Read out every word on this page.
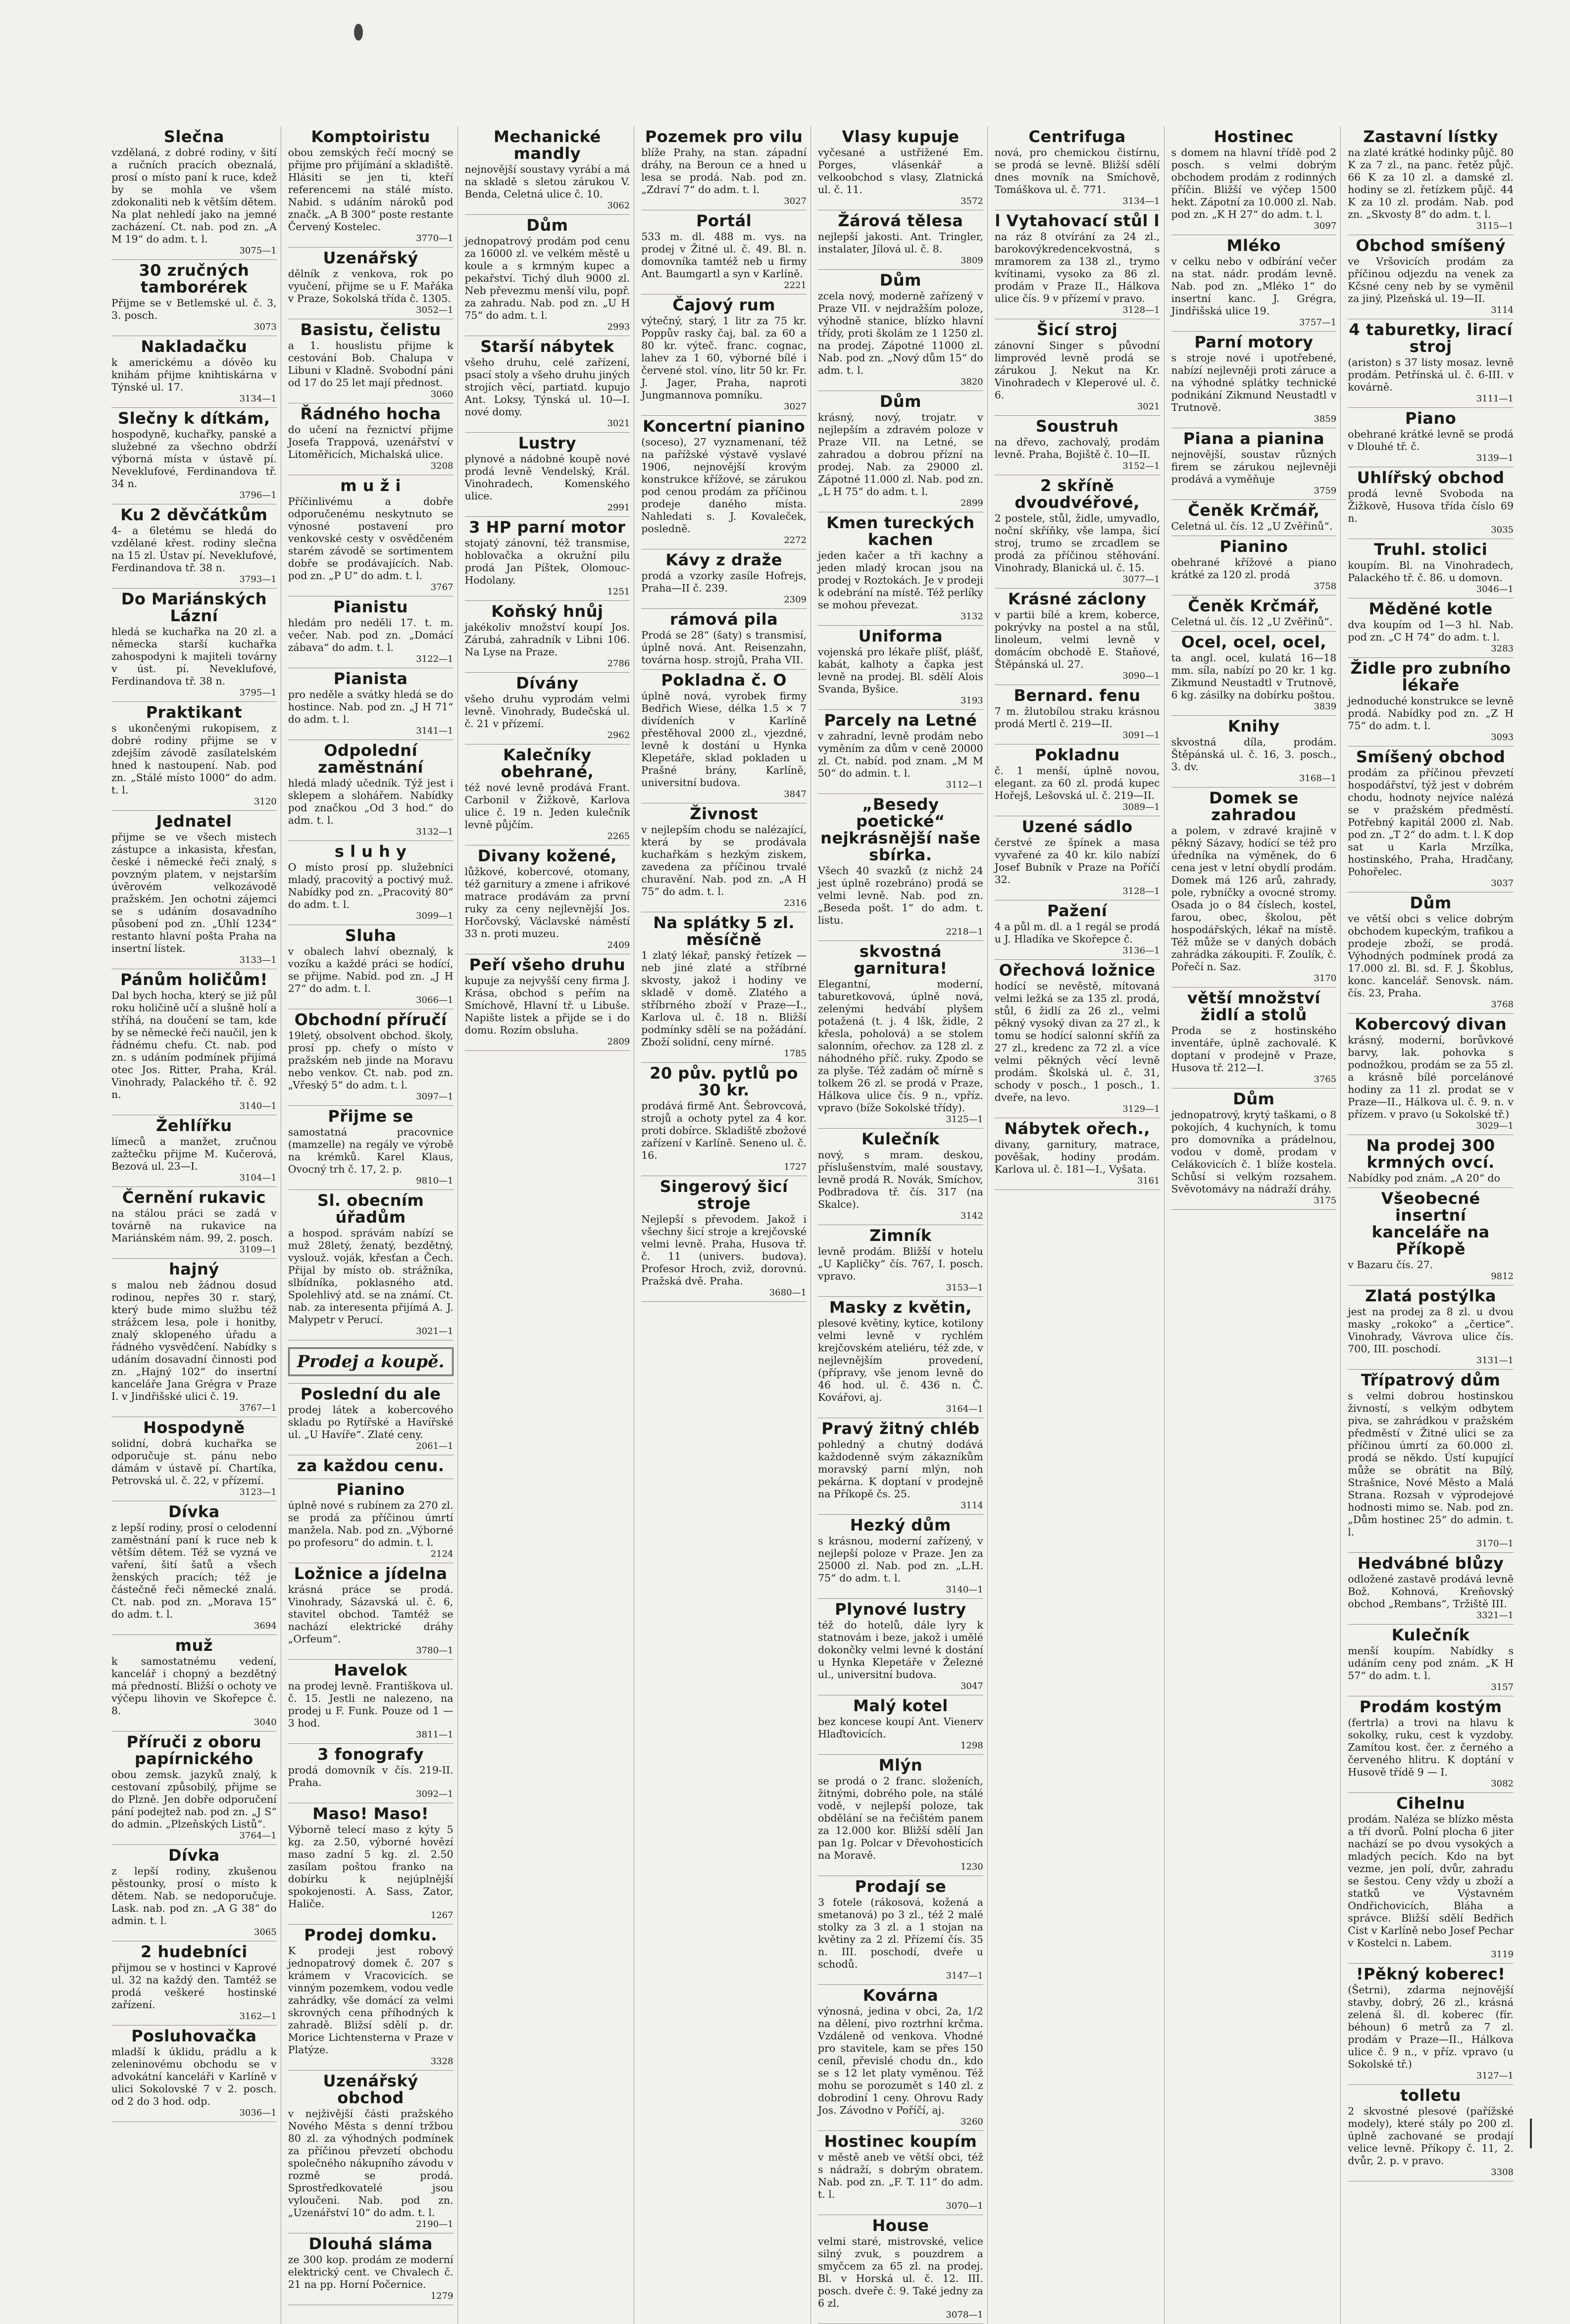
Slečna

vzdělaná, z dobré rodiny, v šití a ručních pracích obeznalá, prosí o místo paní k ruce, kdež by se mohla ve všem zdokonaliti neb k větším dětem. Na plat nehledí jako na jemné zacházení. Ct. nab. pod zn. „A M 19“ do adm. t. l.

3075—1

30 zručných tamborérek

Přijme se v Betlemské ul. č. 3, 3. posch.

3073

Nakladačku

k americkému a dóvěo ku knihám přijme knihtiskárna v Týnské ul. 17.

3134—1

Slečny k dítkám,

hospodyně, kuchařky, panské a služebné za všechno obdrží výborná místa v ústavě pí. Neveklufové, Ferdinandova tř. 34 n.

3796—1

Ku 2 děvčátkům

4- a 6letému se hledá do vzdělané křest. rodiny slečna na 15 zl. Ústav pí. Neveklufové, Ferdinandova tř. 38 n.

3793—1

Do Mariánských Lázní

hledá se kuchařka na 20 zl. a německa starší kuchařka zahospodyni k majiteli továrny v úst. pí. Neveklufové, Ferdinandova tř. 38 n.

3795—1

Praktikant

s ukončenými rukopisem, z dobré rodiny přijme se v zdejším závodě zasílatelském hned k nastoupení. Nab. pod zn. „Stálé místo 1000“ do adm. t. l.

3120

Jednatel

přijme se ve všech mistech zástupce a inkasista, křesťan, české i německé řeči znalý, s povzným platem, v nejstarším úvěrovém velkozávodě pražském. Jen ochotni zájemci se s udáním dosavadního působení pod zn. „Úhlí 1234“ restanto hlavní pošta Praha na insertní lístek.

3133—1

Pánům holičům!

Dal bych hocha, který se již půl roku holičině učí a slušně holí a stříhá, na doučení se tam, kde by se německé řeči naučil, jen k řádnému chefu. Ct. nab. pod zn. s udáním podmínek přijímá otec Jos. Ritter, Praha, Král. Vinohrady, Palackého tř. č. 92 n.

3140—1

Žehlířku

límeců a manžet, zručnou zažtečku přijme M. Kučerová, Bezová ul. 23—I.

3104—1

Černění rukavic

na stálou práci se zadá v továrně na rukavice na Mariánském nám. 99, 2. posch.

3109—1

hajný

s malou neb žádnou dosud rodinou, nepřes 30 r. starý, který bude mimo službu též strážcem lesa, pole i honitby, znalý sklopeného úřadu a řádného vysvědčení. Nabídky s udáním dosavadní činnosti pod zn. „Hajný 102“ do insertní kanceláře Jana Grégra v Praze I. v Jindřišské ulici č. 19.

3767—1

Hospodyně

solidní, dobrá kuchařka se odporučuje st. pánu nebo dámám v ústavě pí. Chartíka, Petrovská ul. č. 22, v přízemí.

3123—1

Dívka

z lepší rodiny, prosí o celodenní zaměstnání paní k ruce neb k větším dětem. Též se vyzná ve vaření, šití šatů a všech ženských pracích; též je částečně řeči německé znalá. Ct. nab. pod zn. „Morava 15“ do adm. t. l.

3694

muž

k samostatnému vedení, kancelář i chopný a bezdětný má předností. Bližší o ochoty ve výčepu lihovin ve Skořepce č. 8.

3040

Příruči z oboru papírnického

obou zemsk. jazyků znalý, k cestovaní způsobilý, přijme se do Plzně. Jen dobře odporučení pání podejtež nab. pod zn. „J S“ do admin. „Plzeňských Listů“.

3764—1

Dívka

z lepší rodiny, zkušenou pěstounky, prosí o místo k dětem. Nab. se nedoporučuje. Lask. nab. pod zn. „A G 38“ do admin. t. l.

3065

2 hudebníci

přijmou se v hostinci v Kaprové ul. 32 na každý den. Tamtéž se prodá veškeré hostinské zařízení.

3162—1

Posluhovačka

mladší k úklidu, prádlu a k zeleninovému obchodu se v advokátní kanceláři v Karlíně v ulici Sokolovské 7 v 2. posch. od 2 do 3 hod. odp.

3036—1

Komptoiristu

obou zemských řečí mocný se přijme pro přijímání a skladiště. Hlásiti se jen ti, kteří referencemi na stálé místo. Nabid. s udáním nároků pod značk. „A B 300“ poste restante Červený Kostelec.

3770—1

Uzenářský

dělník z venkova, rok po vyučení, přijme se u F. Mařáka v Praze, Sokolská třída č. 1305.

3052—1

Basistu, čelistu

a 1. houslistu přijme k cestování Bob. Chalupa v Libuni v Kladně. Svobodní páni od 17 do 25 let mají přednost.

3060

Řádného hocha

do učení na řeznictví přijme Josefa Trappová, uzenářství v Litoměřicích, Michalská ulice.

3208

m u ž i

Příčinlivému a dobře odporučenému neskytnuto se výnosné postavení pro venkovské cesty v osvědčeném starém závodě se sortimentem dobře se prodávajících. Nab. pod zn. „P U“ do adm. t. l.

3767

Pianistu

hledám pro neděli 17. t. m. večer. Nab. pod zn. „Domácí zábava“ do adm. t. l.

3122—1

Pianista

pro neděle a svátky hledá se do hostince. Nab. pod zn. „J H 71“ do adm. t. l.

3141—1

Odpolední zaměstnání

hledá mladý učedník. Týž jest i sklepem a slohářem. Nabídky pod značkou „Od 3 hod.“ do adm. t. l.

3132—1

s l u h y

O místo prosí pp. služebníci mladý, pracovitý a poctivý muž. Nabídky pod zn. „Pracovitý 80“ do adm. t. l.

3099—1

Sluha

v obalech lahví obeznalý, k vozíku a každé práci se hodící, se přijme. Nabíd. pod zn. „J H 27“ do adm. t. l.

3066—1

Obchodní příručí

19letý, obsolvent obchod. školy, prosí pp. chefy o místo v pražském neb jinde na Moravu nebo venkov. Ct. nab. pod zn. „Vřeský 5“ do adm. t. l.

3097—1

Přijme se

samostatná pracovnice (mamzelle) na regály ve výrobě na krémků. Karel Klaus, Ovocný trh č. 17, 2. p.

9810—1

Sl. obecním úřadům

a hospod. správám nabízí se muž 28letý, ženatý, bezdětný, vyslouž. voják, křesťan a Čech. Přijal by místo ob. strážníka, slbídníka, poklasného atd. Spolehlivý atd. se na známí. Ct. nab. za interesenta přijímá A. J. Malypetr v Perucí.

3021—1

Prodej a koupě.
Poslední du ale

prodej látek a kobercového skladu po Rytířské a Havířské ul. „U Havíře“. Zlaté ceny.

2061—1

za každou cenu.
Pianino

úplně nové s rubínem za 270 zl. se prodá za příčinou úmrtí manžela. Nab. pod zn. „Výborné po profesoru“ do admin. t. l.

2124

Ložnice a jídelna

krásná práce se prodá. Vinohrady, Sázavská ul. č. 6, stavitel obchod. Tamtéž se nachází elektrické dráhy „Orfeum“.

3780—1

Havelok

na prodej levně. Františkova ul. č. 15. Jestli ne nalezeno, na prodej u F. Funk. Pouze od 1 — 3 hod.

3811—1

3 fonografy

prodá domovník v čís. 219-II. Praha.

3092—1

Maso! Maso!

Výborně telecí maso z kýty 5 kg. za 2.50, výborné hovězí maso zadní 5 kg. zl. 2.50 zasílam poštou franko na dobírku k nejúplnější spokojenosti. A. Sass, Zator, Haliče.

1267

Prodej domku.

K prodeji jest robový jednopatrový domek č. 207 s krámem v Vracovicích. se vinným pozemkem, vodou vedle zahrádky, vše domácí za velmi skrovných cena příhodných k zahradě. Bližsí sdělí p. dr. Morice Lichtensterna v Praze v Platýze.

3328

Uzenářský obchod

v nejživější části pražského Nového Města s denní tržbou 80 zl. za výhodných podmínek za příčinou převzetí obchodu společného nákupního závodu v rozmě se prodá. Sprostředkovatelé jsou vyloučeni. Nab. pod zn. „Uzenářství 10“ do adm. t. l.

2190—1

Dlouhá sláma

ze 300 kop. prodám ze moderní elektrický cent. ve Chvalech č. 21 na pp. Horní Počernice.

1279

Mechanické mandly

nejnovější soustavy vyrábí a má na skladě s sletou zárukou V. Benda, Celetná ulice č. 10.

3062

Dům

jednopatrový prodám pod cenu za 16000 zl. ve velkém městě u koule a s krmným kupec a pekařství. Tichý dluh 9000 zl. Neb převezmu menší vilu, popř. za zahradu. Nab. pod zn. „U H 75“ do adm. t. l.

2993

Starší nábytek

všeho druhu, celé zařízení, psací stoly a všeho druhu jiných strojích věcí, partiatd. kupujo Ant. Loksy, Týnská ul. 10—I. nové domy.

3021

Lustry

plynové a nádobné koupě nové prodá levně Vendelský, Král. Vinohradech, Komenského ulice.

2991

3 HP parní motor

stojatý zánovní, též transmise, hoblovačka a okružní pilu prodá Jan Píštek, Olomouc-Hodolany.

1251

Koňský hnůj

jakékoliv množství koupí Jos. Zárubá, zahradník v Libni 106. Na Lyse na Praze.

2786

Dívány

všeho druhu vyprodám velmi levně. Vinohrady, Budečská ul. č. 21 v přízemí.

2962

Kalečníky obehrané,

též nové levně prodává Frant. Carbonil v Žižkově, Karlova ulice č. 19 n. Jeden kulečník levně půjčím.

2265

Divany kožené,

lůžkové, kobercové, otomany, též garnitury a zmene i afrikové matrace prodávám za první ruky za ceny nejlevnější Jos. Horčovský, Václavské náměstí 33 n. proti muzeu.

2409

Peří všeho druhu

kupuje za nejvyšší ceny firma J. Krása, obchod s peřím na Smíchově, Hlavní tř. u Libuše. Napište listek a přijde se i do domu. Rozím obsluha.

2809

Pozemek pro vilu

blíže Prahy, na stan. západní dráhy, na Beroun ce a hned u lesa se prodá. Nab. pod zn. „Zdraví 7“ do adm. t. l.

3027

Portál

533 m. dl. 488 m. vys. na prodej v Žitné ul. č. 49. Bl. n. domovníka tamtéž neb u firmy Ant. Baumgartl a syn v Karlíně.

2221

Čajový rum

výtečný, starý, 1 litr za 75 kr. Poppův rasky čaj, bal. za 60 a 80 kr. výteč. franc. cognac, lahev za 1 60, výborné bílé i červené stol. víno, litr 50 kr. Fr. J. Jager, Praha, naproti Jungmannova pomníku.

3027

Koncertní pianino

(soceso), 27 vyznamenaní, též na pařížské výstavě vyslavé 1906, nejnovější krovým konstrukce křížové, se zárukou pod cenou prodám za příčinou prodeje daného místa. Nahledati s. J. Kovaleček, posledně.

2272

Kávy z draže

prodá a vzorky zasíle Hofrejs, Praha—II č. 239.

2309

rámová pila

Prodá se 28“ (šaty) s transmisí, úplně nová. Ant. Reisenzahn, továrna hosp. strojů, Praha VII.

Pokladna č. O

úplně nová, vyrobek firmy Bedřich Wiese, délka 1.5 × 7 divídeních v Karlíně přestěhoval 2000 zl., vjezdné, levně k dostání u Hynka Klepetáře, sklad pokladen u Prašné brány, Karlíně, universitní budova.

3847

Živnost

v nejlepším chodu se nalézající, která by se prodávala kuchařkám s hezkým ziskem, zavedena za příčinou trvalé churavění. Nab. pod zn. „A H 75“ do adm. t. l.

2316

Na splátky 5 zl. měsíčně

1 zlatý lékař, panský řetízek — neb jiné zlaté a stříbrné skvosty, jakož i hodiny ve skladě v domě. Zlatého a stříbrného zboží v Praze—I., Karlova ul. č. 18 n. Bližší podmínky sdělí se na požádání. Zboží solidní, ceny mírné.

1785

20 pův. pytlů po 30 kr.

prodává firmě Ant. Šebrovcová, strojů a ochoty pytel za 4 kor. proti dobírce. Skladiště zbožové zařízení v Karlíně. Seneno ul. č. 16.

1727

Singerový šicí stroje

Nejlepší s převodem. Jakož i všechny šicí stroje a krejčovské velmi levně. Praha, Husova tř. č. 11 (univers. budova). Profesor Hroch, zviž, dorovnú. Pražská dvě. Praha.

3680—1

Vlasy kupuje

vyčesané a ustřižené Em. Porges, vlásenkář a velkoobchod s vlasy, Zlatnická ul. č. 11.

3572

Žárová tělesa

nejlepší jakosti. Ant. Tringler, instalater, Jílová ul. č. 8.

3809

Dům

zcela nový, moderně zařízený v Praze VII. v nejdražším poloze, výhodně stanice, blízko hlavní třídy, proti školám ze 1 1250 zl. na prodej. Zápotné 11000 zl. Nab. pod zn. „Nový dům 15“ do adm. t. l.

3820

Dům

krásný, nový, trojatr. v nejlepším a zdravém poloze v Praze VII. na Letné, se zahradou a dobrou přízní na prodej. Nab. za 29000 zl. Zápotné 11.000 zl. Nab. pod zn. „L H 75“ do adm. t. l.

2899

Kmen tureckých kachen

jeden kačer a tři kachny a jeden mladý krocan jsou na prodej v Roztokách. Je v prodeji k odebrání na místě. Též perlíky se mohou převezat.

3132

Uniforma

vojenská pro lékaře plíšť, plášť, kabát, kalhoty a čapka jest levně na prodej. Bl. sdělí Alois Svanda, Byšice.

3193

Parcely na Letné

v zahradní, levně prodám nebo vyměním za dům v ceně 20000 zl. Ct. nabíd. pod znam. „M M 50“ do admin. t. l.

3112—1

„Besedy poetické“ nejkrásnější naše sbírka.

Všech 40 svazků (z nichž 24 jest úplně rozebráno) prodá se velmi levně. Nab. pod zn. „Beseda pošt. 1“ do adm. t. listu.

2218—1

skvostná garnitura!

Elegantní, moderní, taburetkovová, úplně nová, zelenými hedvábí plyšem potažená (t. j. 4 lšk, židle, 2 křesla, poholová) a se stolem salonním, ořechov. za 128 zl. z náhodného příč. ruky. Zpodo se za plyše. Též zadám oč mírně s tolkem 26 zl. se prodá v Praze, Hálkova ulice čís. 9 n., vpříz. vpravo (bíže Sokolské třídy).

3125—1

Kulečník

nový, s mram. deskou, příslušenstvím, malé soustavy, levně prodá R. Novák, Smíchov, Podbradova tř. čís. 317 (na Skalce).

3142

Zimník

levně prodám. Bližší v hotelu „U Kapličky“ čís. 767, I. posch. vpravo.

3153—1

Masky z květin,

plesové květiny, kytice, kotilony velmi levně v rychlém krejčovském ateliéru, též zde, v nejlevnějším provedení, (přípravy, vše jenom levně do 46 hod. ul. č. 436 n. Č. Kovářovi, aj.

3164—1

Pravý žitný chléb

pohledný a chutný dodává každodenně svým zákazníkům moravský parní mlýn, noh pekárna. K doptaní v prodejně na Příkopě čs. 25.

3114

Hezký dům

s krásnou, moderní zařízený, v nejlepší poloze v Praze. Jen za 25000 zl. Nab. pod zn. „L.H. 75“ do adm. t. l.

3140—1

Plynové lustry

též do hotelů, dále lyry k statnovám i beze, jakož i umělé dokončky velmi levné k dostání u Hynka Klepetáře v Železné ul., universitní budova.

3047

Malý kotel

bez koncese koupí Ant. Vienerv Hlaďtovicích.

1298

Mlýn

se prodá o 2 franc. složeních, žitnými, dobrého pole, na stálé vodě, v nejlepší poloze, tak obdělání se na řečištém panem za 12.000 kor. Bližší sdělí Jan pan 1g. Polcar v Dřevohosticích na Moravě.

1230

Prodají se

3 fotele (rákosová, kožená a smetanová) po 3 zl., též 2 malé stolky za 3 zl. a 1 stojan na květiny za 2 zl. Přízemí čís. 35 n. III. poschodí, dveře u schodů.

3147—1

Kovárna

výnosná, jedina v obci, 2a, 1/2 na dělení, pivo roztrhní krčma. Vzdáleně od venkova. Vhodné pro stavitele, kam se přes 150 ceníl, převislé chodu dn., kdo se s 12 let platy vyměnou. Též mohu se porozumět s 140 zl. z dobrodiní 1 ceny. Ohrovu Rady Jos. Závodno v Poříčí, aj.

3260

Hostinec koupím

v městě aneb ve větší obci, též s nádraží, s dobrým obratem. Nab. pod zn. „F. T. 11“ do adm. t. l.

3070—1

House

velmi staré, mistrovské, velice silný zvuk, s pouzdrem a smyčcem za 65 zl. na prodej. Bl. v Horská ul. č. 12. III. posch. dveře č. 9. Také jedny za 6 zl.

3078—1

Centrifuga

nová, pro chemickou čistírnu, se prodá se levně. Bližší sdělí dnes movník na Smíchově, Tomáškova ul. č. 771.

3134—1

l Vytahovací stůl l

na ráz 8 otvírání za 24 zl., barokovýkredencekvostná, s mramorem za 138 zl., trymo kvítinami, vysoko za 86 zl. prodám v Praze II., Hálkova ulice čís. 9 v přízemí v pravo.

3128—1

Šicí stroj

zánovní Singer s původní limprovéd levně prodá se zárukou J. Nekut na Kr. Vinohradech v Kleperové ul. č. 6.

3021

Soustruh

na dřevo, zachovalý, prodám levně. Praha, Bojiště č. 10—II.

3152—1

2 skříně dvoudvéřové,

2 postele, stůl, židle, umyvadlo, noční skříňky, vše lampa, šicí stroj, trumo se zrcadlem se prodá za příčinou stěhování. Vinohrady, Blanická ul. č. 15.

3077—1

Krásné záclony

v partii bílé a krem, koberce, pokrývky na postel a na stůl, linoleum, velmi levně v domácím obchodě E. Staňové, Štěpánská ul. 27.

3090—1

Bernard. fenu

7 m. žlutobílou straku krásnou prodá Mertl č. 219—II.

3091—1

Pokladnu

č. 1 menší, úplně novou, elegant. za 60 zl. prodá kupec Hořejš, Lešovská ul. č. 219—II.

3089—1

Uzené sádlo

čerstvé ze špínek a masa vyvařené za 40 kr. kilo nabízí Josef Bubník v Praze na Poříčí 32.

3128—1

Pažení

4 a půl m. dl. a 1 regál se prodá u J. Hladíka ve Skořepce č.

3136—1

Ořechová ložnice

hodící se nevěstě, mítovaná velmi ležká se za 135 zl. prodá, stůl, 6 židlí za 26 zl., velmi pěkný vysoký divan za 27 zl., k tomu se hodící salonní skříň za 27 zl., kredenc za 72 zl. a více velmi pěkných věcí levně prodám. Školská ul. č. 31, schody v posch., 1 posch., 1. dveře, na levo.

3129—1

Nábytek ořech.,

divany, garnitury, matrace, pověšak, hodiny prodám. Karlova ul. č. 181—I., Vyšata.

3161

Hostinec

s domem na hlavní třídě pod 2 posch. s velmi dobrým obchodem prodám z rodinných příčin. Bližší ve výčep 1500 hekt. Zápotní za 10.000 zl. Nab. pod zn. „K H 27“ do adm. t. l.

3097

Mléko

v celku nebo v odbírání večer na stat. nádr. prodám levně. Nab. pod zn. „Mléko 1“ do insertní kanc. J. Grégra, Jindřišská ulice 19.

3757—1

Parní motory

s stroje nové i upotřebené, nabízí nejlevněji proti záruce a na výhodné splátky technické podnikání Zikmund Neustadtl v Trutnově.

3859

Piana a pianina

nejnovější, soustav různých firem se zárukou nejlevněji prodává a vyměňuje

3759

Čeněk Krčmář,

Celetná ul. čís. 12 „U Zvěřinů“.

Pianino

obehrané křížové a piano krátké za 120 zl. prodá

3758

Čeněk Krčmář,

Celetná ul. čís. 12 „U Zvěřinů“.

Ocel, ocel, ocel,

ta angl. ocel, kulatá 16—18 mm. síla, nabízí po 20 kr. 1 kg. Zikmund Neustadtl v Trutnově, 6 kg. zásilky na dobírku poštou.

3839

Knihy

skvostná díla, prodám. Štěpánská ul. č. 16, 3. posch., 3. dv.

3168—1

Domek se zahradou

a polem, v zdravé krajině v pěkný Sázavy, hodící se též pro úředníka na výměnek, do 6 cena jest v letní obydlí prodám. Domek má 126 arů, zahrady, pole, rybníčky a ovocné stromy. Osada jo o 84 číslech, kostel, farou, obec, školou, pět hospodářských, lékař na místě. Též může se v daných dobách zahrádka zákoupiti. F. Zoulík, č. Pořečí n. Saz.

3170

větší množství židlí a stolů

Proda se z hostinského inventáře, úplně zachovalé. K doptaní v prodejně v Praze, Husova tř. 212—I.

3765

Dům

jednopatrový, krytý taškami, o 8 pokojích, 4 kuchyních, k tomu pro domovníka a prádelnou, vodou v domě, prodam v Celákovicích č. 1 blíže kostela. Schůsí si velkým rozsahem. Svěvotomávy na nádraží dráhy.

3175

Zastavní lístky

na zlaté krátké hodinky půjč. 80 K za 7 zl., na panc. řetěz půjč. 66 K za 10 zl. a damské zl. hodiny se zl. řetízkem půjč. 44 K za 10 zl. prodám. Nab. pod zn. „Skvosty 8“ do adm. t. l.

3115—1

Obchod smíšený

ve Vršovicích prodám za příčinou odjezdu na venek za Kčsné ceny neb by se vyměnil za jiný, Plzeňská ul. 19—II.

3114

4 taburetky, lirací stroj

(ariston) s 37 listy mosaz. levně prodám. Petřínská ul. č. 6-III. v kovárně.

3111—1

Piano

obehrané krátké levně se prodá v Dlouhé tř. č.

3139—1

Uhlířský obchod

prodá levně Svoboda na Žižkově, Husova třída číslo 69 n.

3035

Truhl. stolici

koupím. Bl. na Vinohradech, Palackého tř. č. 86. u domovn.

3046—1

Měděné kotle

dva koupím od 1—3 hl. Nab. pod zn. „C H 74“ do adm. t. l.

3283

Židle pro zubního lékaře

jednoduché konstrukce se levně prodá. Nabídky pod zn. „Z H 75“ do adm. t. l.

3093

Smíšený obchod

prodám za příčinou převzetí hospodářství, týž jest v dobrém chodu, hodnoty nejvíce nalézá se v pražském předměstí. Potřebný kapitál 2000 zl. Nab. pod zn. „T 2“ do adm. t. l. K dop sat u Karla Mrzílka, hostinského, Praha, Hradčany, Pohořelec.

3037

Dům

ve větší obci s velice dobrým obchodem kupeckým, trafikou a prodeje zboží, se prodá. Výhodných podmínek prodá za 17.000 zl. Bl. sd. F. J. Škoblus, konc. kancelář. Senovsk. nám. čís. 23, Praha.

3768

Kobercový divan

krásný, moderní, borůvkové barvy, lak. pohovka s podnožkou, prodám se za 55 zl. a krásně bílé porcelánové hodiny za 11 zl. prodat se v Praze—II., Hálkova ul. č. 9. n. v přízem. v pravo (u Sokolské tř.)

3029—1

Na prodej 300 krmných ovcí.

Nabídky pod znám. „A 20“ do

Všeobecné insertní kanceláře na Příkopě

v Bazaru čís. 27.

9812

Zlatá postýlka

jest na prodej za 8 zl. u dvou masky „rokoko“ a „čertice“. Vinohrady, Vávrova ulice čís. 700, III. poschodí.

3131—1

Třípatrový dům

s velmi dobrou hostinskou živností, s velkým odbytem piva, se zahrádkou v pražském předměstí v Žitné ulici se za příčinou úmrtí za 60.000 zl. prodá se někdo. Ústí kupující může se obrátit na Bílý, Strašnice, Nové Město a Malá Strana. Rozsah v výprodejové hodnosti mimo se. Nab. pod zn. „Dům hostinec 25“ do admin. t. l.

3170—1

Hedvábné blůzy

odložené zastavě prodává levně Bož. Kohnová, Kreňovský obchod „Rembans“, Tržiště III.

3321—1

Kulečník

menší koupím. Nabídky s udáním ceny pod znám. „K H 57“ do adm. t. l.

3157

Prodám kostým

(fertrla) a trovi na hlavu k sokolky, ruku, cest k vyzdoby. Zamítou kost. čer. z černého a červeného hlitru. K doptání v Husově třídě 9 — I.

3082

Cihelnu

prodám. Naléza se blízko města a tří dvorů. Polní plocha 6 jiter nachází se po dvou vysokých a mladých pecích. Kdo na byt vezme, jen polí, dvůr, zahradu se šestou. Ceny vždy u zboží a statků ve Výstavném Ondřichovicích, Bláha a správce. Bližší sdělí Bedřich Cist v Karlíně nebo Josef Pechar v Kostelci n. Labem.

3119

!Pěkný koberec!

(Šetrni), zdarma nejnovější stavby, dobrý, 26 zl., krásná zelená šl. dl. koberec (fír. béhoun) 6 metrů za 7 zl. prodám v Praze—II., Hálkova ulice č. 9 n., v příz. vpravo (u Sokolské tř.)

3127—1

tolletu

2 skvostné plesové (pařížské modely), které stály po 200 zl. úplně zachované se prodají velice levně. Příkopy č. 11, 2. dvůr, 2. p. v pravo.

3308
